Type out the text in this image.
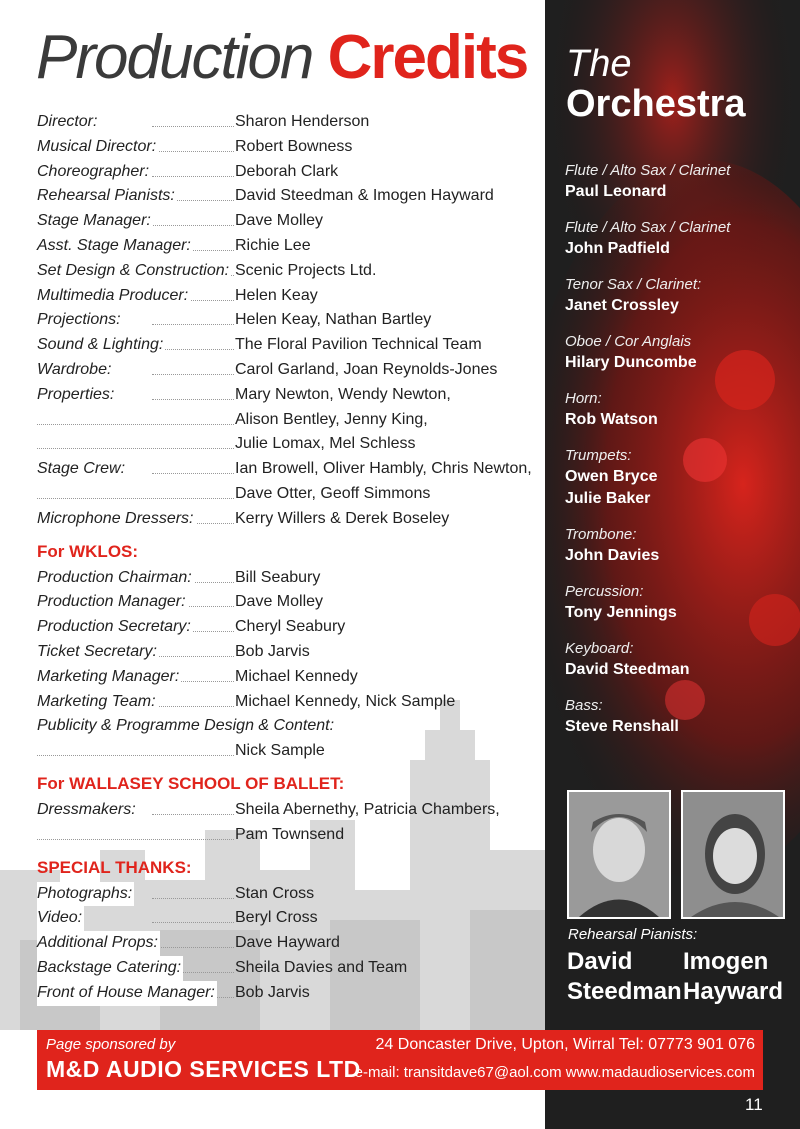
Production Credits
Director:	Sharon Henderson
Musical Director:	Robert Bowness
Choreographer:	Deborah Clark
Rehearsal Pianists:	David Steedman & Imogen Hayward
Stage Manager:	Dave Molley
Asst. Stage Manager:	Richie Lee
Set Design & Construction: Scenic Projects Ltd.
Multimedia Producer:	Helen Keay
Projections:	Helen Keay, Nathan Bartley
Sound & Lighting:	The Floral Pavilion Technical Team
Wardrobe:	Carol Garland, Joan Reynolds-Jones
Properties:	Mary Newton, Wendy Newton,
Alison Bentley, Jenny King,
Julie Lomax, Mel Schless
Stage Crew:	Ian Browell, Oliver Hambly, Chris Newton,
Dave Otter, Geoff Simmons
Microphone Dressers:	Kerry Willers & Derek Boseley
For WKLOS:
Production Chairman:	Bill Seabury
Production Manager:	Dave Molley
Production Secretary:	Cheryl Seabury
Ticket Secretary:	Bob Jarvis
Marketing Manager:	Michael Kennedy
Marketing Team:	Michael Kennedy, Nick Sample
Publicity & Programme Design & Content:
Nick Sample
For WALLASEY SCHOOL OF BALLET:
Dressmakers:	Sheila Abernethy, Patricia Chambers,
Pam Townsend
SPECIAL THANKS:
Photographs:	Stan Cross
Video:	Beryl Cross
Additional Props:	Dave Hayward
Backstage Catering:	Sheila Davies and Team
Front of House Manager: Bob Jarvis
The
Orchestra
Flute / Alto Sax / Clarinet
Paul Leonard
Flute / Alto Sax / Clarinet
John Padfield
Tenor Sax / Clarinet:
Janet Crossley
Oboe / Cor Anglais
Hilary Duncombe
Horn:
Rob Watson
Trumpets:
Owen Bryce
Julie Baker
Trombone:
John Davies
Percussion:
Tony Jennings
Keyboard:
David Steedman
Bass:
Steve Renshall
Rehearsal Pianists:
David
Steedman
Imogen
Hayward
Page sponsored by
M&D AUDIO SERVICES LTD
24 Doncaster Drive, Upton, Wirral Tel: 07773 901 076
e-mail: transitdave67@aol.com www.madaudioservices.com
11
